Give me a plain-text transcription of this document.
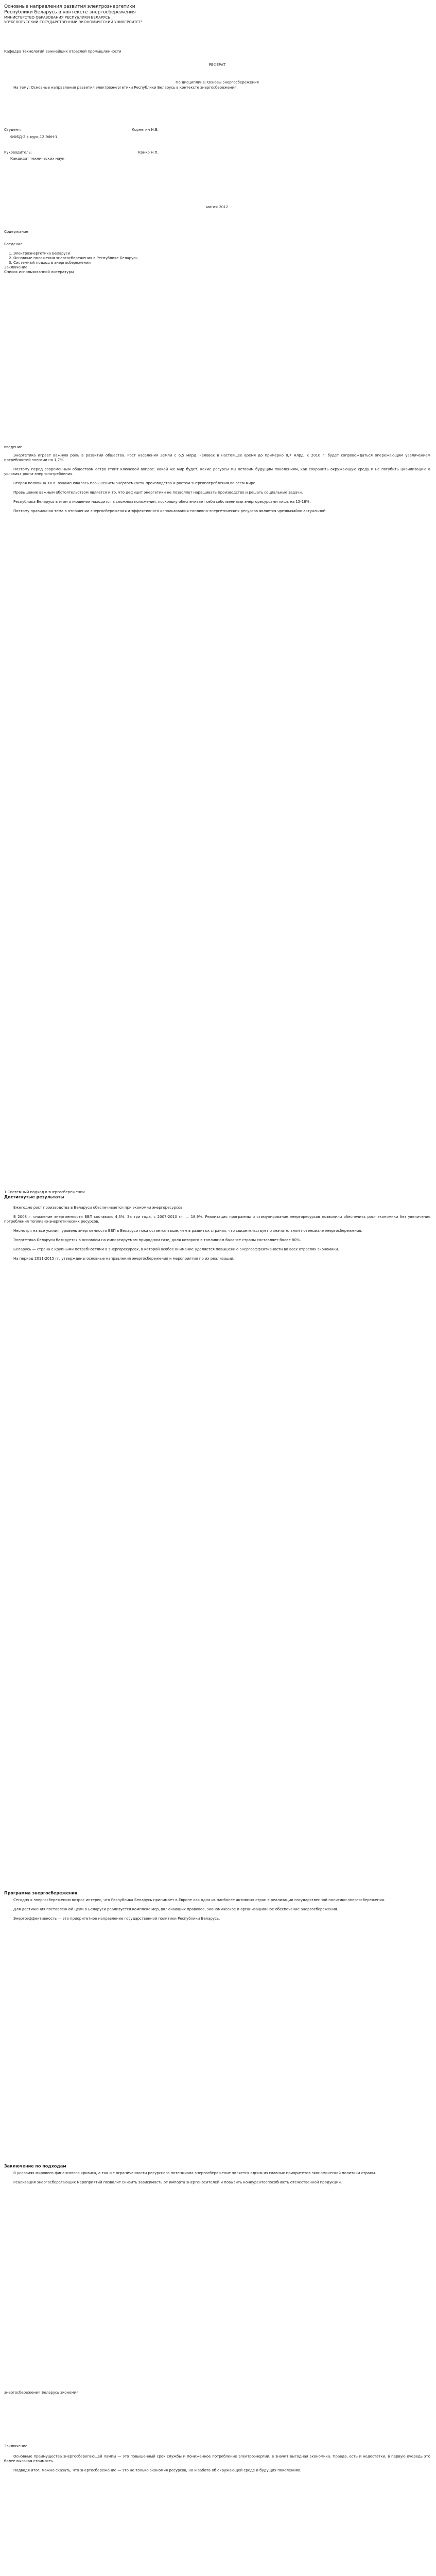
Основные направления развития электроэнергетики

Республики Беларусь в контексте энергосбережения

МИНИСТЕРСТВО ОБРАЗОВАНИЯ РЕСПУБЛИКИ БЕЛАРУСЬ

УО"БЕЛОРУССКИЙ ГОСУДАРСТВЕННЫЙ ЭКОНОМИЧЕСКИЙ УНИВЕРСИТЕТ"

Кафедра технологий важнейших отраслей промышленности

РЕФЕРАТ

По дисциплине: Основы энергосбережения

На тему: Основные направления развития электроэнергетики Республики Беларусь в контексте энергосбережения.

Студент:	Корнегин Н.В.

ФФБД-2 ¢ курс,12 ЭФН-1

Руководитель:	Конко Н.П.

Кандидат технических наук

минск 2012

Содержание

Введение

1. Электроэнергетика Беларуси
2. Основные положения энергосбережения в Республике Беларусь
3. Системный подход в энергосбережении

Заключение

Список использованной литературы

введение

Энергетика играет важную роль в развитии общества. Рост населения Земли с 6,5 млрд. человек в настоящее время до примерно 8,7 млрд. к 2010 г. будет сопровождаться опережающим увеличением потребностей энергии на 1,7%.

Поэтому перед современным обществом остро стоит ключевой вопрос: какой же мир будет, какие ресурсы мы оставим будущим поколениям, как сохранить окружающую среду и не погубить цивилизацию в условиях роста энергопотребления.

Вторая половина XX в. ознаменовалась повышением энергоемкости производства и ростом энергопотребления во всем мире.

Превышение важным обстоятельством является и то, что дефицит энергетики не позволяет наращивать производство и решать социальные задачи.

Республика Беларусь в этом отношении находится в сложном положении, поскольку обеспечивает себя собственными энергоресурсами лишь на 15-18%.

Поэтому правильная тема в отношении энергосбережения и эффективного использования топливно-энергетических ресурсов является чрезвычайно актуальной.

1.Системный подход в энергосбережении

Достигнутые результаты

Ежегодно рост производства в Беларуси обеспечивается при экономии энергоресурсов.

В 2008 г. снижение энергоемкости ВВП составило 4,3%. За три года, с 2007-2010 гг. — 18,9%. Реализация программы и стимулирование энергоресурсов позволили обеспечить рост экономики без увеличения потребления топливно-энергетических ресурсов.

Несмотря на все усилия, уровень энергоемкости ВВП в Беларуси пока остается выше, чем в развитых странах, что свидетельствует о значительном потенциале энергосбережения.

Энергетика Беларуси базируется в основном на импортируемом природном газе, доля которого в топливном балансе страны составляет более 80%.

Беларусь — страна с крупными потребностями в энергоресурсах, в которой особое внимание уделяется повышению энергоэффективности во всех отраслях экономики.

На период 2011-2015 гг. утверждены основные направления энергосбережения и мероприятия по их реализации.

Программа энергосбережения

Сегодня к энергосбережению возрос интерес, что Республика Беларусь принимает в Европе как одна из наиболее активных стран в реализации государственной политики энергосбережения.

Для достижения поставленной цели в Беларуси реализуется комплекс мер, включающих правовое, экономическое и организационное обеспечение энергосбережения.

Энергоэффективность — это приоритетное направление государственной политики Республики Беларусь.

Заключение по подходам

В условиях мирового финансового кризиса, а так же ограниченности ресурсного потенциала энергосбережение является одним из главных приоритетов экономической политики страны.

Реализация энергосберегающих мероприятий позволит снизить зависимость от импорта энергоносителей и повысить конкурентоспособность отечественной продукции.

энергосбережения Беларусь экономия

Заключение

Основные преимущества энергосберегающей лампы — это повышенный срок службы и пониженное потребление электроэнергии, в значит выгодная экономика. Правда, есть и недостатки, в первую очередь это более высокая стоимость.

Подводя итог, можно сказать, что энергосбережение — это не только экономия ресурсов, но и забота об окружающей среде и будущих поколениях.
